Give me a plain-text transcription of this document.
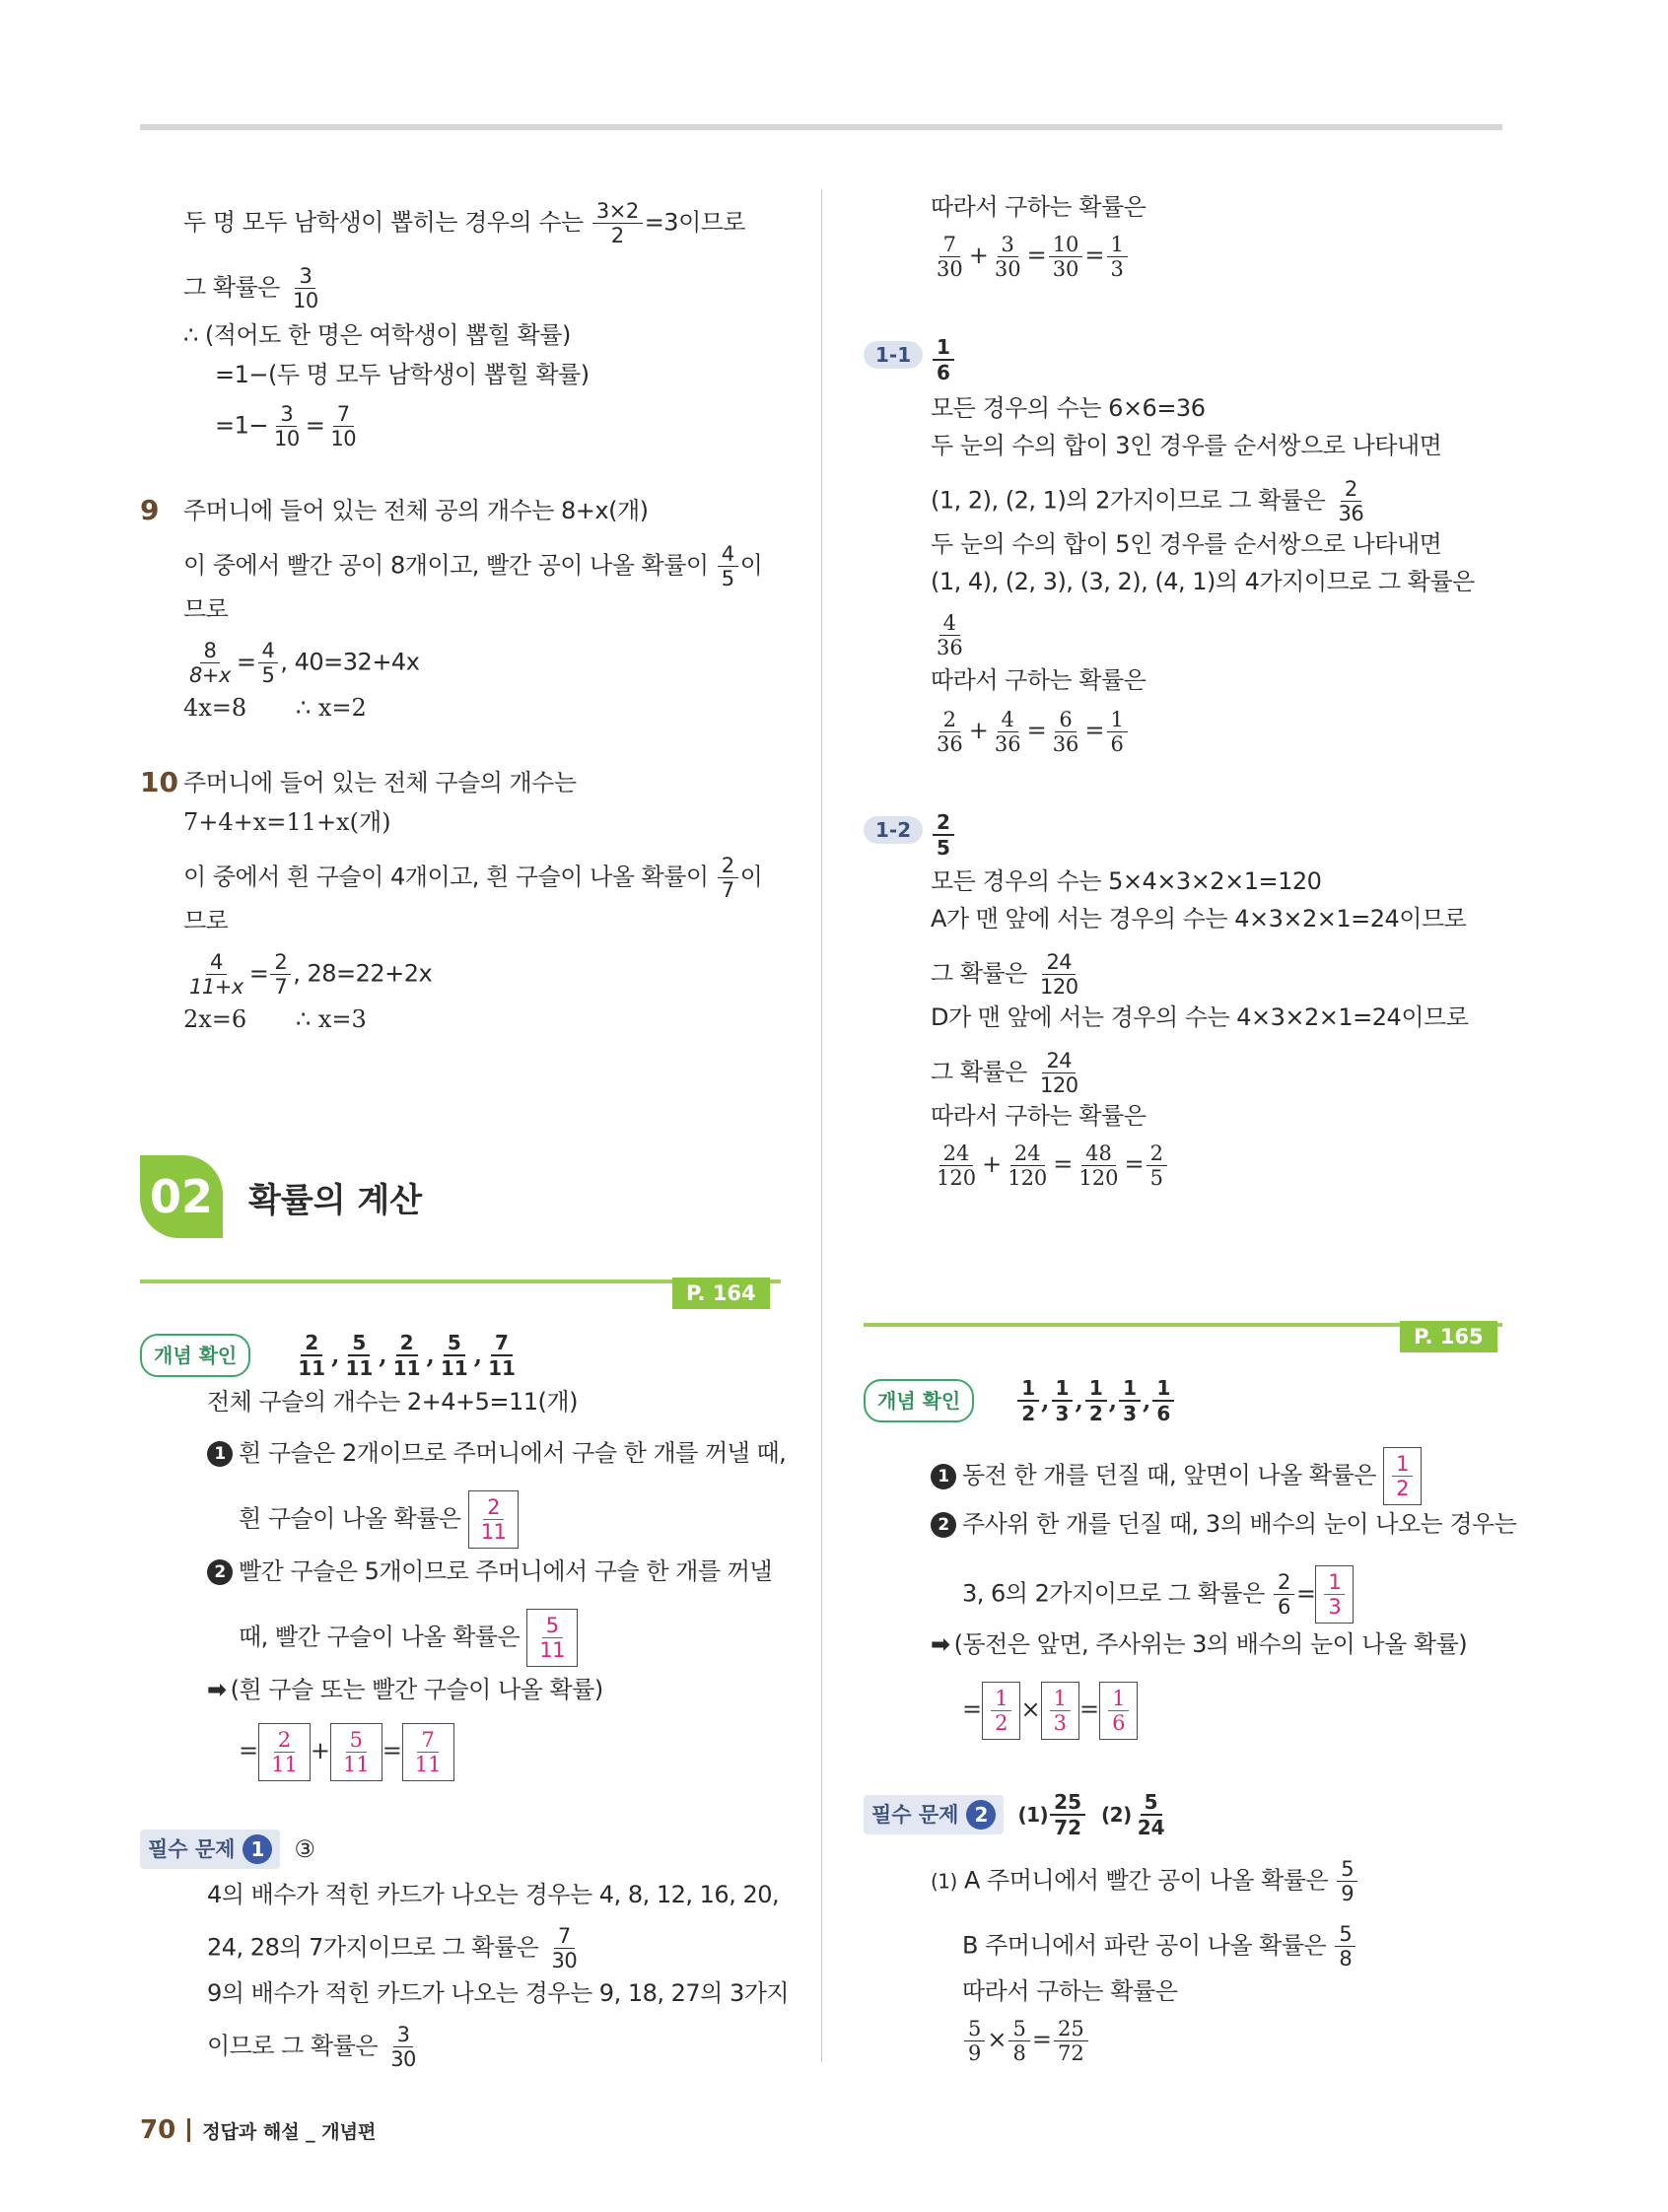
두 명 모두 남학생이 뽑히는 경우의 수는 $\frac{3\times 2}{2} =3$이므로
그 확률은 $\frac{3}{10}$
∴ (적어도 한 명은 여학생이 뽑힐 확률)
=1−(두 명 모두 남학생이 뽑힐 확률)
$=1- \frac{3}{10} = \frac{7}{10}$
9 주머니에 들어 있는 전체 공의 개수는 8+x(개)
이 중에서 빨간 공이 8개이고, 빨간 공이 나올 확률이 $\frac{4}{5}$ 이
므로
$\frac{8}{8+x} = \frac{4}{5}$ , 40=32+4x
4x=8 ∴ x=2
10 주머니에 들어 있는 전체 구슬의 개수는
7+4+x=11+x(개)
이 중에서 흰 구슬이 4개이고, 흰 구슬이 나올 확률이 $\frac{2}{7}$ 이
므로
$\frac{4}{11+x} = \frac{2}{7}$ , 28=22+2x
2x=6 ∴ x=3
02 확률의 계산
P. 164
개념 확인
2
11 , 5
11 , 2
11 , 5
11 , 7
11
전체 구슬의 개수는 2+4+5=11(개)
1 흰 구슬은 2개이므로 주머니에서 구슬 한 개를 꺼낼 때,
흰 구슬이 나올 확률은 2
11
2 빨간 구슬은 5개이므로 주머니에서 구슬 한 개를 꺼낼
때, 빨간 구슬이 나올 확률은 5
11
➡ (흰 구슬 또는 빨간 구슬이 나올 확률)
= 2
11 + 5
11 = 7
11
필수 문제 1	③
4의 배수가 적힌 카드가 나오는 경우는 4, 8, 12, 16, 20,
24, 28의 7가지이므로 그 확률은 $\frac{7}{30}$
9의 배수가 적힌 카드가 나오는 경우는 9, 18, 27의 3가지
이므로 그 확률은 $\frac{3}{30}$
따라서 구하는 확률은
$\frac{7}{30} + \frac{3}{30} = \frac{10}{30} = \frac{1}{3}$
1-1	$\frac{1}{6}$
모든 경우의 수는 6×6=36
두 눈의 수의 합이 3인 경우를 순서쌍으로 나타내면
(1, 2), (2, 1)의 2가지이므로 그 확률은 $\frac{2}{36}$
두 눈의 수의 합이 5인 경우를 순서쌍으로 나타내면
(1, 4), (2, 3), (3, 2), (4, 1)의 4가지이므로 그 확률은
$\frac{4}{36}$
따라서 구하는 확률은
$\frac{2}{36} + \frac{4}{36} = \frac{6}{36} = \frac{1}{6}$
1-2	$\frac{2}{5}$
모든 경우의 수는 5×4×3×2×1=120
A가 맨 앞에 서는 경우의 수는 4×3×2×1=24이므로
그 확률은 $\frac{24}{120}$
D가 맨 앞에 서는 경우의 수는 4×3×2×1=24이므로
그 확률은 $\frac{24}{120}$
따라서 구하는 확률은
$\frac{24}{120} + \frac{24}{120} = \frac{48}{120} = \frac{2}{5}$
P. 165
개념 확인
1
2 , 1
3 , 1
2 , 1
3 , 1
6
1 동전 한 개를 던질 때, 앞면이 나올 확률은 1
2
2 주사위 한 개를 던질 때, 3의 배수의 눈이 나오는 경우는
3, 6의 2가지이므로 그 확률은 $\frac{2}{6} = 1$
3
➡ (동전은 앞면, 주사위는 3의 배수의 눈이 나올 확률)
= 1
2 × 1
3 = 1
6
필수 문제 2	(1)
25
72
(2)
5
24
(1) A 주머니에서 빨간 공이 나올 확률은 $\frac{5}{9}$
B 주머니에서 파란 공이 나올 확률은 $\frac{5}{8}$
따라서 구하는 확률은
$\frac{5}{9} \times \frac{5}{8} = \frac{25}{72}$
70 정답과 해설 _ 개념편
